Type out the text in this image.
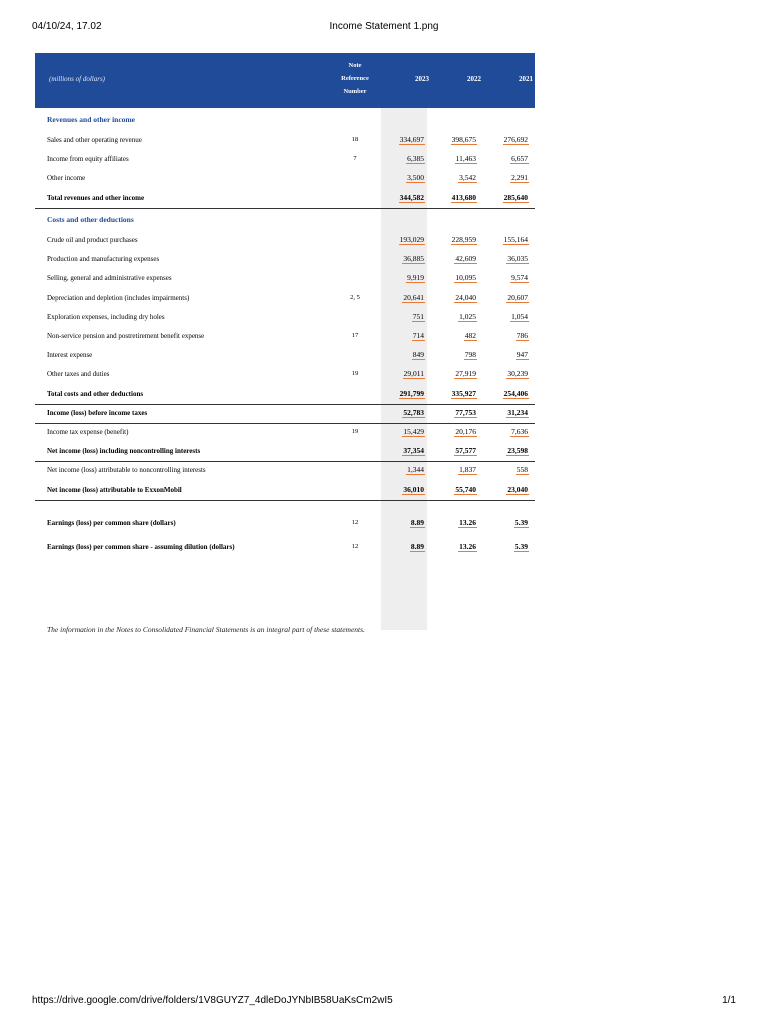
04/10/24, 17.02	Income Statement 1.png
(millions of dollars)
Note
Reference
Number
2023	2022	2021
Revenues and other income
Sales and other operating revenue	18	334,697	398,675	276,692
Income from equity affiliates	7	6,385	11,463	6,657
Other income	3,500	3,542	2,291
Total revenues and other income	344,582	413,680	285,640
Costs and other deductions
Crude oil and product purchases	193,029	228,959	155,164
Production and manufacturing expenses	36,885	42,609	36,035
Selling, general and administrative expenses	9,919	10,095	9,574
Depreciation and depletion (includes impairments)	2, 5	20,641	24,040	20,607
Exploration expenses, including dry holes	751	1,025	1,054
Non-service pension and postretirement benefit expense	17	714	482	786
Interest expense	849	798	947
Other taxes and duties	19	29,011	27,919	30,239
Total costs and other deductions	291,799	335,927	254,406
Income (loss) before income taxes	52,783	77,753	31,234
Income tax expense (benefit)	19	15,429	20,176	7,636
Net income (loss) including noncontrolling interests	37,354	57,577	23,598
Net income (loss) attributable to noncontrolling interests	1,344	1,837	558
Net income (loss) attributable to ExxonMobil	36,010	55,740	23,040
Earnings (loss) per common share (dollars)	12	8.89	13.26	5.39
Earnings (loss) per common share - assuming dilution (dollars)	12	8.89	13.26	5.39
The information in the Notes to Consolidated Financial Statements is an integral part of these statements.
https://drive.google.com/drive/folders/1V8GUYZ7_4dleDoJYNbIB58UaKsCm2wI5	1/1
